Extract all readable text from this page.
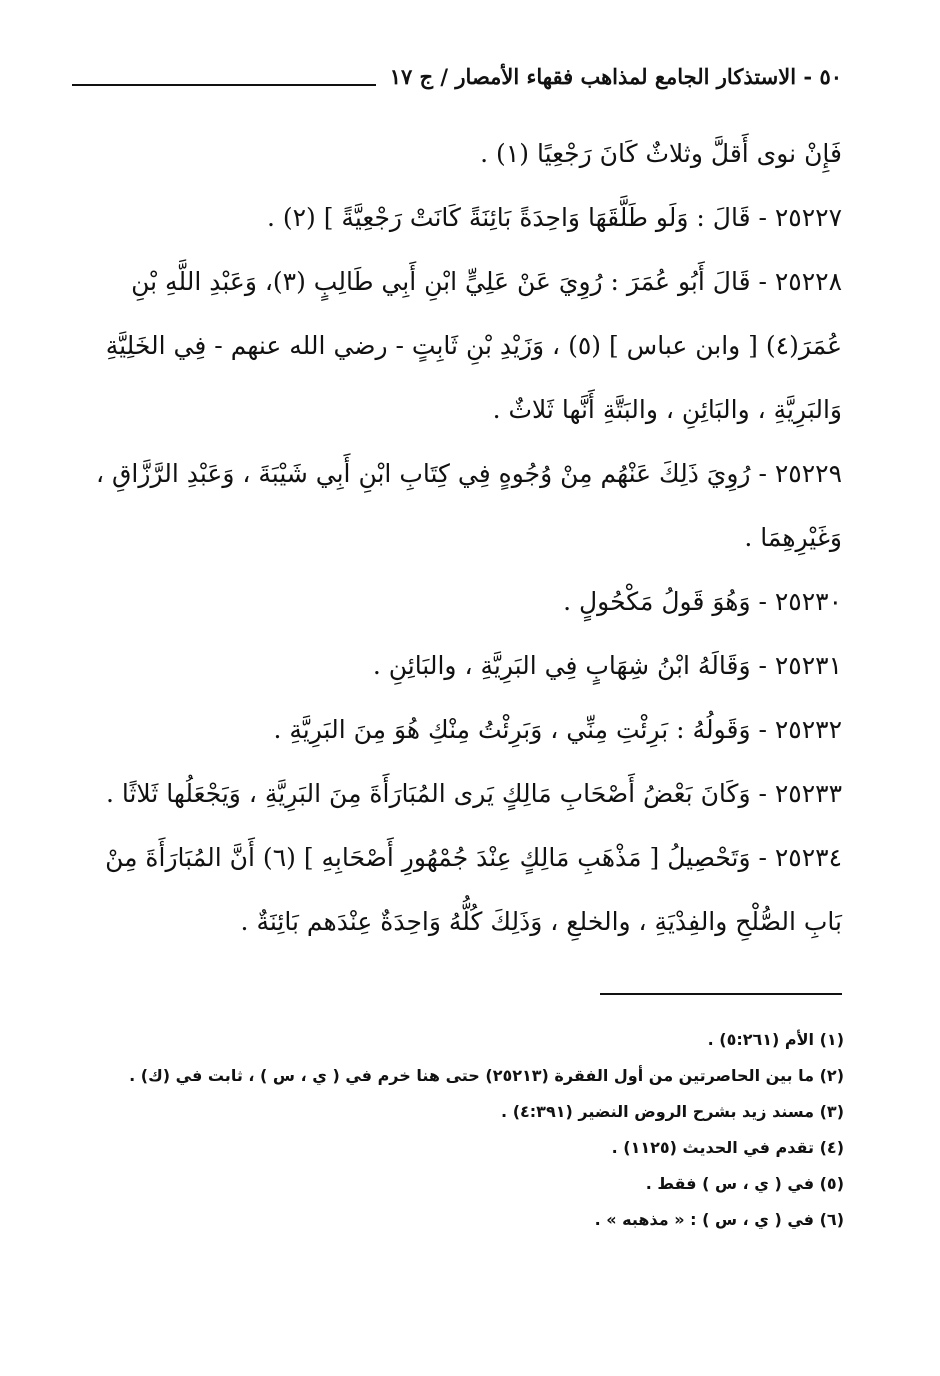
٥٠ - الاستذكار الجامع لمذاهب فقهاء الأمصار / ج ١٧

فَإِنْ نوى أَقلَّ وثلاثٌ كَانَ رَجْعِيًا (١) .

٢٥٢٢٧ - قَالَ : وَلَو طَلَّقَهَا وَاحِدَةً بَائِنَةً كَانَتْ رَجْعِيَّةً ] (٢) .

٢٥٢٢٨ - قَالَ أَبُو عُمَرَ : رُوِيَ عَنْ عَلِيٍّ ابْنِ أَبِي طَالِبٍ (٣)، وَعَبْدِ اللَّهِ بْنِ عُمَرَ(٤) [ وابن عباس ] (٥) ، وَزَيْدِ بْنِ ثَابِتٍ - رضي الله عنهم - فِي الخَلِيَّةِ وَالبَرِيَّةِ ، والبَائِنِ ، والبَتَّةِ أَنَّها ثَلاثٌ .

٢٥٢٢٩ - رُوِيَ ذَلِكَ عَنْهُم مِنْ وُجُوهٍ فِي كِتَابِ ابْنِ أَبِي شَيْبَةَ ، وَعَبْدِ الرَّزَّاقِ ، وَغَيْرِهِمَا .

٢٥٢٣٠ - وَهُوَ قَولُ مَكْحُولٍ .

٢٥٢٣١ - وَقَالَهُ ابْنُ شِهَابٍ فِي البَرِيَّةِ ، والبَائِنِ .

٢٥٢٣٢ - وَقَولُهُ : بَرِئْتِ مِنِّي ، وَبَرِئْتُ مِنْكِ هُوَ مِنَ البَرِيَّةِ .

٢٥٢٣٣ - وَكَانَ بَعْضُ أَصْحَابِ مَالِكٍ يَرى المُبَارَأَةَ مِنَ البَرِيَّةِ ، وَيَجْعَلُها ثَلاثًا .

٢٥٢٣٤ - وَتَحْصِيلُ [ مَذْهَبِ مَالِكٍ عِنْدَ جُمْهُورِ أَصْحَابِهِ ] (٦) أَنَّ المُبَارَأَةَ مِنْ بَابِ الصُّلْحِ والفِدْيَةِ ، والخلعِ ، وَذَلِكَ كُلُّهُ وَاحِدَةٌ عِنْدَهم بَائِنَةٌ .

(١) الأم (٥:٢٦١) .

(٢) ما بين الحاصرتين من أول الفقرة (٢٥٢١٣) حتى هنا خرم في ( ي ، س ) ، ثابت في (ك) .

(٣) مسند زيد بشرح الروض النضير (٤:٣٩١) .

(٤) تقدم في الحديث (١١٢٥) .

(٥) في ( ي ، س ) فقط .

(٦) في ( ي ، س ) : « مذهبه » .
